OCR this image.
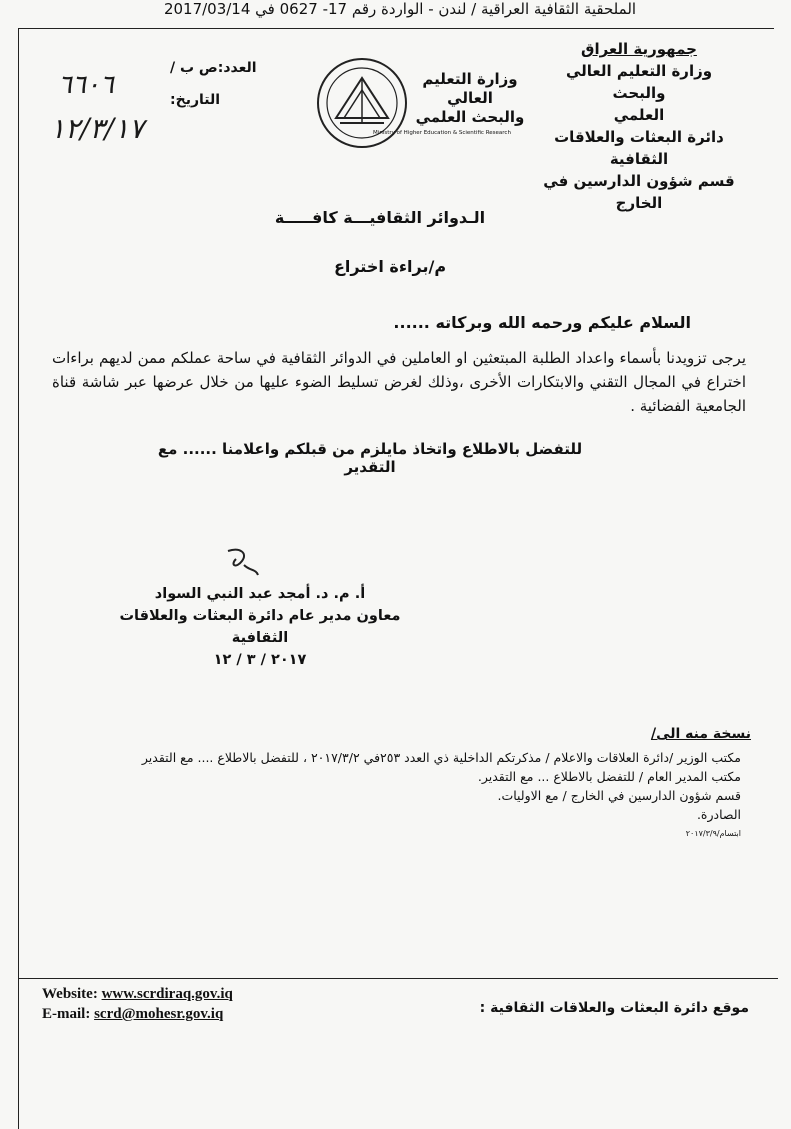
الملحقية الثقافية العراقية / لندن - الواردة رقم 17- 0627 في 2017/03/14
جمهورية العراق
وزارة التعليم العالي والبحث
العلمي
دائرة البعثات والعلاقات الثقافية
قسم شؤون الدارسين في
الخارج
وزارة التعليم العالي
والبحث العلمي
Ministry of Higher Education & Scientific Research
العدد:ص ب /
التاريخ:
٦٦٠٦
١٢/٣/١٧
الـدوائر الثقافيـــة كافـــــة
م/براءة اختراع
السلام عليكم ورحمه الله وبركاته ......
يرجى تزويدنا بأسماء واعداد الطلبة المبتعثين او العاملين في الدوائر الثقافية في ساحة عملكم ممن لديهم براءات
اختراع في المجال التقني والابتكارات الأخرى ،وذلك لغرض تسليط الضوء عليها من خلال عرضها عبر شاشة قناة
الجامعية الفضائية .
للتفضل بالاطلاع واتخاذ مايلزم من قبلكم واعلامنا ...... مع التقدير
أ. م. د. أمجد عبد النبي السواد
معاون مدير عام دائرة البعثات والعلاقات الثقافية
٢٠١٧ / ٣ / ١٢
نسخة منه الى/
مكتب الوزير /دائرة العلاقات والاعلام / مذكرتكم الداخلية ذي العدد ٢٥٣في ٢٠١٧/٣/٢ ، للتفضل بالاطلاع .... مع التقدير
مكتب المدير العام / للتفضل بالاطلاع ... مع التقدير.
قسم شؤون الدارسين في الخارج / مع الاوليات.
الصادرة.
ابتسام/٢٠١٧/٣/٩
Website: www.scrdiraq.gov.iq
E-mail: scrd@mohesr.gov.iq	موقع دائرة البعثات والعلاقات الثقافية :
